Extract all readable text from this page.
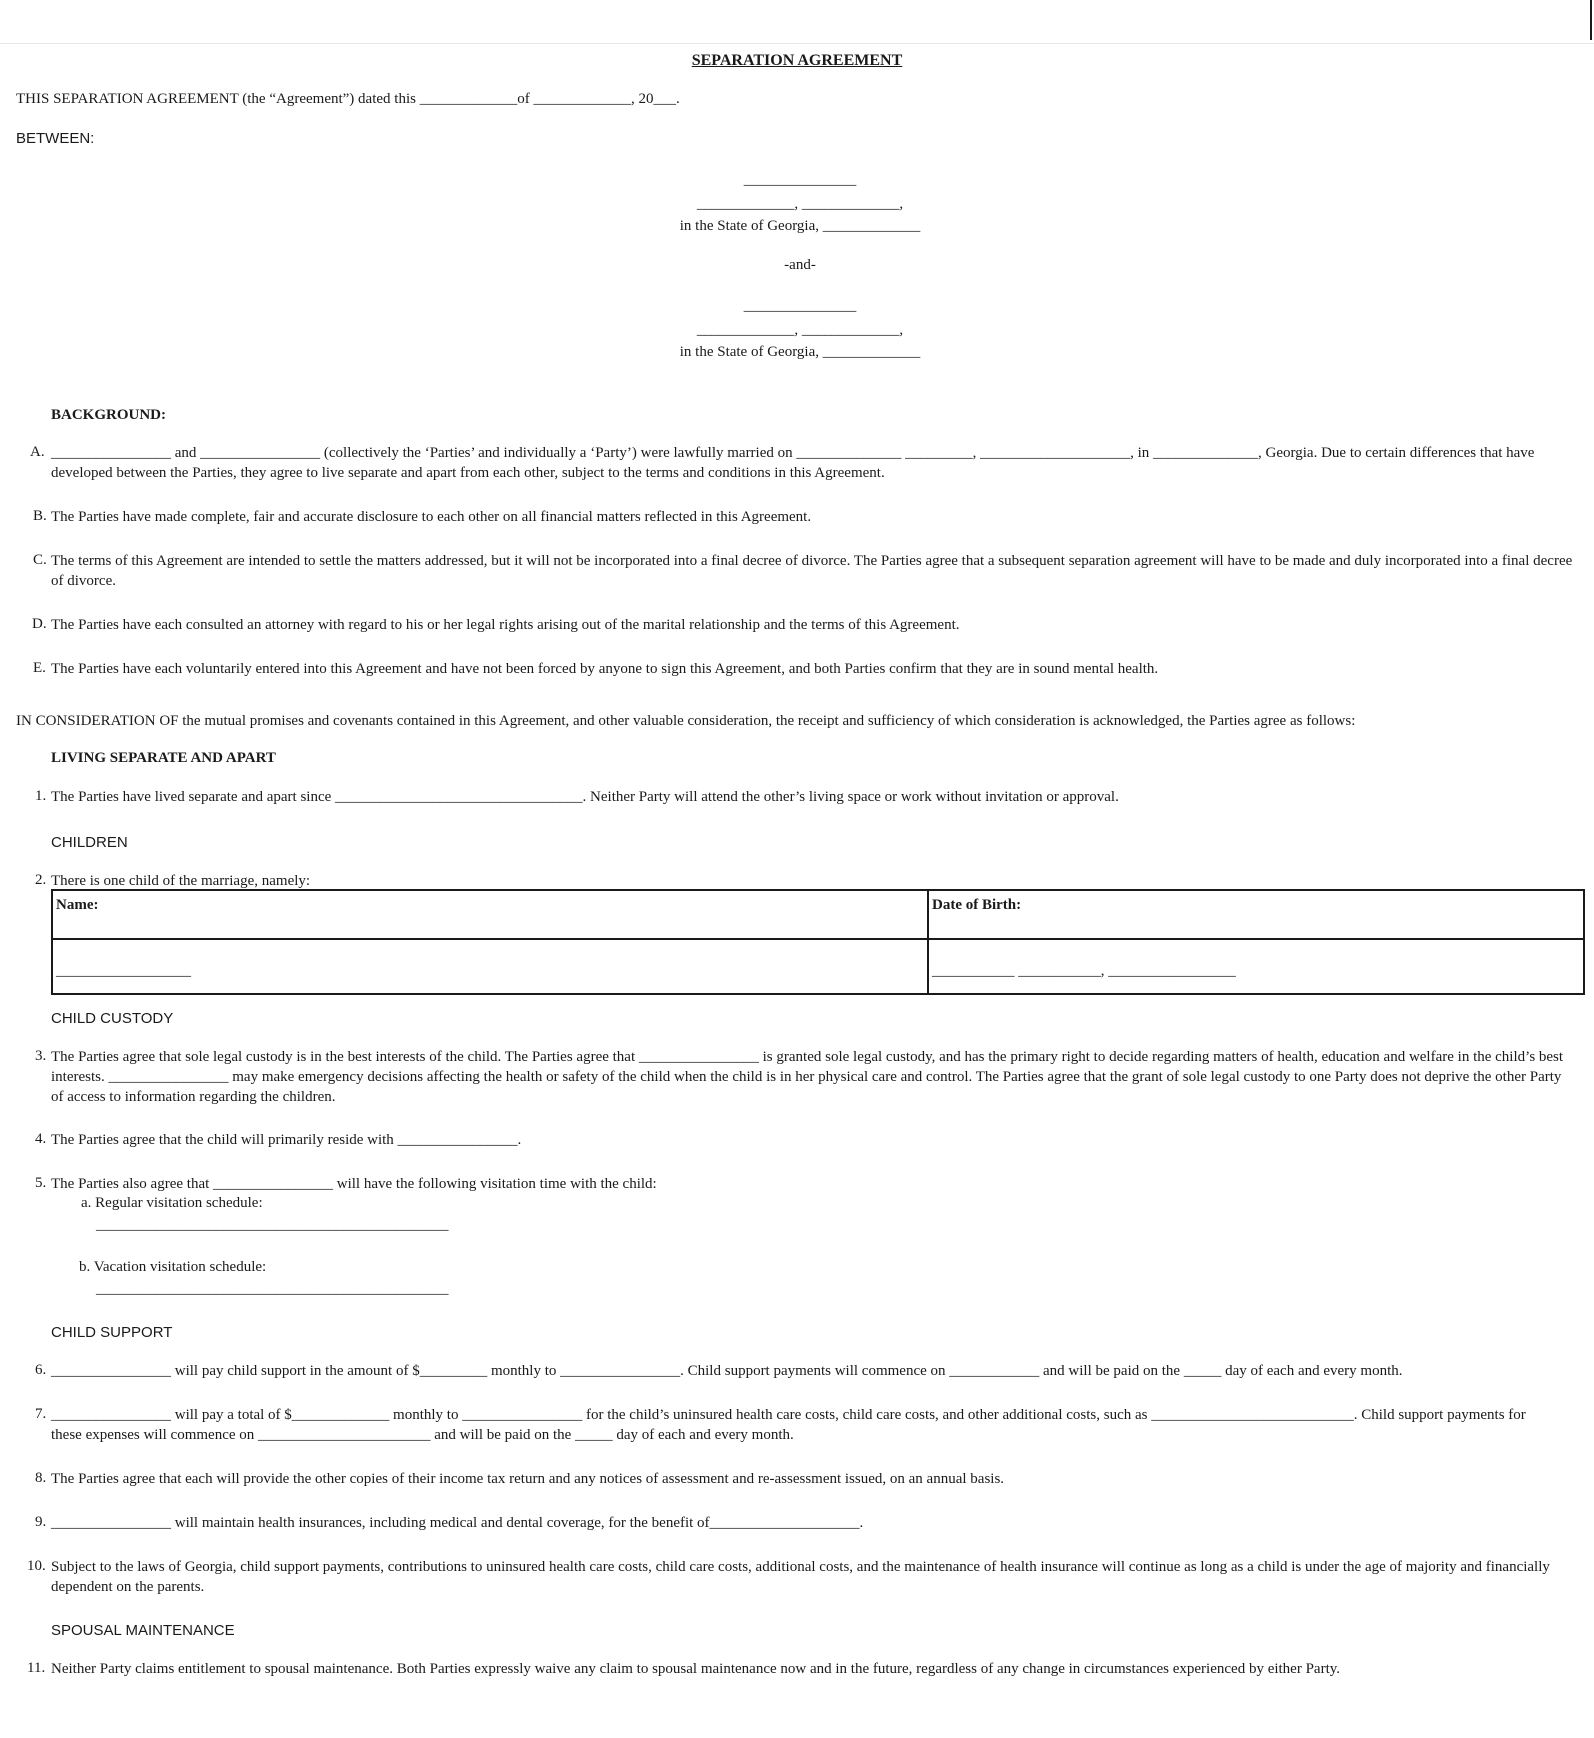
SEPARATION AGREEMENT
THIS SEPARATION AGREEMENT (the “Agreement”) dated this _____________of _____________, 20___.
BETWEEN:
_______________
_____________, _____________,
in the State of Georgia, _____________
-and-
_______________
_____________, _____________,
in the State of Georgia, _____________
BACKGROUND:
A. ________________ and ________________ (collectively the ‘Parties’ and individually a ‘Party’) were lawfully married on ______________ _________, ____________________, in ______________, Georgia. Due to certain differences that have developed between the Parties, they agree to live separate and apart from each other, subject to the terms and conditions in this Agreement.
B. The Parties have made complete, fair and accurate disclosure to each other on all financial matters reflected in this Agreement.
C. The terms of this Agreement are intended to settle the matters addressed, but it will not be incorporated into a final decree of divorce. The Parties agree that a subsequent separation agreement will have to be made and duly incorporated into a final decree of divorce.
D. The Parties have each consulted an attorney with regard to his or her legal rights arising out of the marital relationship and the terms of this Agreement.
E. The Parties have each voluntarily entered into this Agreement and have not been forced by anyone to sign this Agreement, and both Parties confirm that they are in sound mental health.
IN CONSIDERATION OF the mutual promises and covenants contained in this Agreement, and other valuable consideration, the receipt and sufficiency of which consideration is acknowledged, the Parties agree as follows:
LIVING SEPARATE AND APART
1. The Parties have lived separate and apart since _________________________________. Neither Party will attend the other’s living space or work without invitation or approval.
CHILDREN
2. There is one child of the marriage, namely:
Name:	Date of Birth:
__________________	___________ ___________, _________________
CHILD CUSTODY
3. The Parties agree that sole legal custody is in the best interests of the child. The Parties agree that ________________ is granted sole legal custody, and has the primary right to decide regarding matters of health, education and welfare in the child’s best interests. ________________ may make emergency decisions affecting the health or safety of the child when the child is in her physical care and control. The Parties agree that the grant of sole legal custody to one Party does not deprive the other Party of access to information regarding the children.
4. The Parties agree that the child will primarily reside with ________________.
5. The Parties also agree that ________________ will have the following visitation time with the child:
a. Regular visitation schedule:
_______________________________________________
b. Vacation visitation schedule:
_______________________________________________
CHILD SUPPORT
6. ________________ will pay child support in the amount of $_________ monthly to ________________. Child support payments will commence on ____________ and will be paid on the _____ day of each and every month.
7. ________________ will pay a total of $_____________ monthly to ________________ for the child’s uninsured health care costs, child care costs, and other additional costs, such as ___________________________. Child support payments for these expenses will commence on _______________________ and will be paid on the _____ day of each and every month.
8. The Parties agree that each will provide the other copies of their income tax return and any notices of assessment and re-assessment issued, on an annual basis.
9. ________________ will maintain health insurances, including medical and dental coverage, for the benefit of____________________.
10. Subject to the laws of Georgia, child support payments, contributions to uninsured health care costs, child care costs, additional costs, and the maintenance of health insurance will continue as long as a child is under the age of majority and financially dependent on the parents.
SPOUSAL MAINTENANCE
11. Neither Party claims entitlement to spousal maintenance. Both Parties expressly waive any claim to spousal maintenance now and in the future, regardless of any change in circumstances experienced by either Party.
